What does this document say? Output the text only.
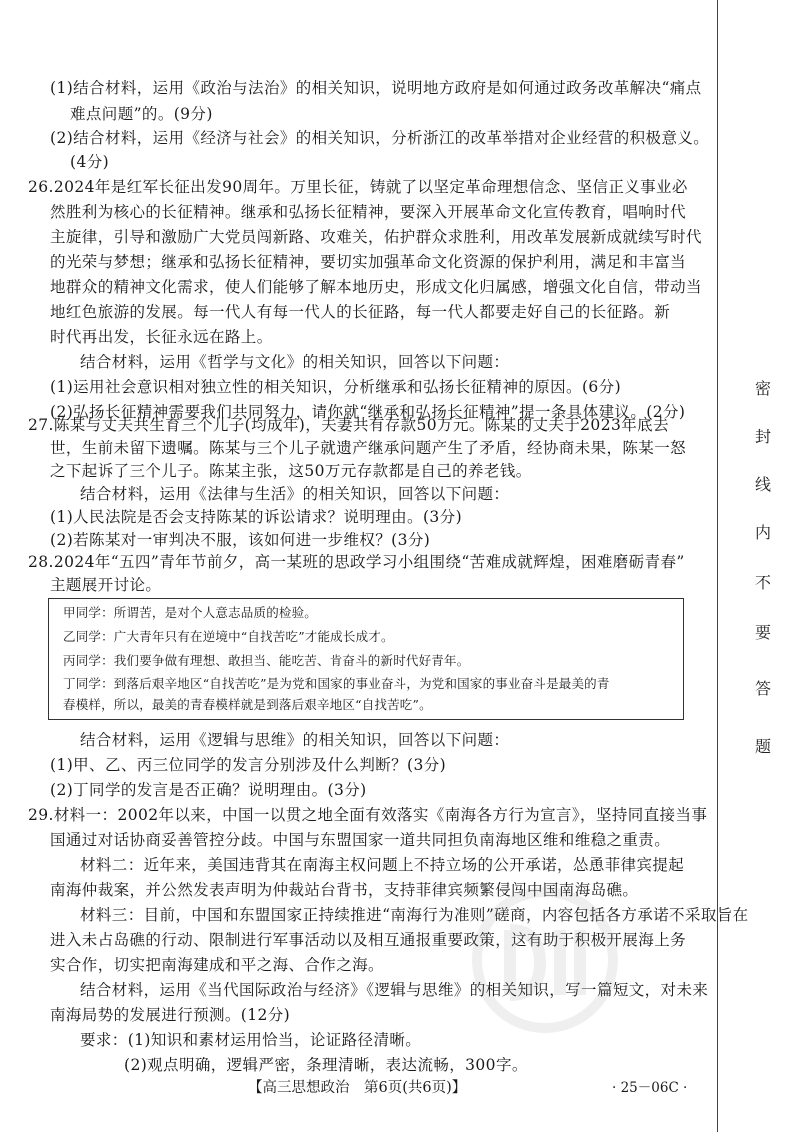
(1)结合材料，运用《政治与法治》的相关知识，说明地方政府是如何通过政务改革解决“痛点
难点问题”的。(9分)
(2)结合材料，运用《经济与社会》的相关知识，分析浙江的改革举措对企业经营的积极意义。
(4分)
26.2024年是红军长征出发90周年。万里长征，铸就了以坚定革命理想信念、坚信正义事业必
然胜利为核心的长征精神。继承和弘扬长征精神，要深入开展革命文化宣传教育，唱响时代
主旋律，引导和激励广大党员闯新路、攻难关，佑护群众求胜利，用改革发展新成就续写时代
的光荣与梦想；继承和弘扬长征精神，要切实加强革命文化资源的保护利用，满足和丰富当
地群众的精神文化需求，使人们能够了解本地历史，形成文化归属感，增强文化自信，带动当
地红色旅游的发展。每一代人有每一代人的长征路，每一代人都要走好自己的长征路。新
时代再出发，长征永远在路上。
结合材料，运用《哲学与文化》的相关知识，回答以下问题：
(1)运用社会意识相对独立性的相关知识，分析继承和弘扬长征精神的原因。(6分)
(2)弘扬长征精神需要我们共同努力，请你就“继承和弘扬长征精神”提一条具体建议。(2分)
27.陈某与丈夫共生育三个儿子(均成年)，夫妻共有存款50万元。陈某的丈夫于2023年底去
世，生前未留下遗嘱。陈某与三个儿子就遗产继承问题产生了矛盾，经协商未果，陈某一怒
之下起诉了三个儿子。陈某主张，这50万元存款都是自己的养老钱。
结合材料，运用《法律与生活》的相关知识，回答以下问题：
(1)人民法院是否会支持陈某的诉讼请求？说明理由。(3分)
(2)若陈某对一审判决不服，该如何进一步维权？(3分)
28.2024年“五四”青年节前夕，高一某班的思政学习小组围绕“苦难成就辉煌，困难磨砺青春”
甲同学：所谓苦，是对个人意志品质的检验。
乙同学：广大青年只有在逆境中“自找苦吃”才能成长成才。
丙同学：我们要争做有理想、敢担当、能吃苦、肯奋斗的新时代好青年。
丁同学：到落后艰辛地区“自找苦吃”是为党和国家的事业奋斗，为党和国家的事业奋斗是最美的青
春模样，所以，最美的青春模样就是到落后艰辛地区“自找苦吃”。
结合材料，运用《逻辑与思维》的相关知识，回答以下问题：
(1)甲、乙、丙三位同学的发言分别涉及什么判断？(3分)
(2)丁同学的发言是否正确？说明理由。(3分)
29.材料一：2002年以来，中国一以贯之地全面有效落实《南海各方行为宣言》，坚持同直接当事
国通过对话协商妥善管控分歧。中国与东盟国家一道共同担负南海地区维和维稳之重责。
材料二：近年来，美国违背其在南海主权问题上不持立场的公开承诺，怂恿菲律宾提起
南海仲裁案，并公然发表声明为仲裁站台背书，支持菲律宾频繁侵闯中国南海岛礁。
材料三：目前，中国和东盟国家正持续推进“南海行为准则”磋商，内容包括各方承诺不采取旨在
进入未占岛礁的行动、限制进行军事活动以及相互通报重要政策，这有助于积极开展海上务
实合作，切实把南海建成和平之海、合作之海。
结合材料，运用《当代国际政治与经济》《逻辑与思维》的相关知识，写一篇短文，对未来
南海局势的发展进行预测。(12分)
要求：(1)知识和素材运用恰当，论证路径清晰。
(2)观点明确，逻辑严密，条理清晰，表达流畅，300字。
【高三思想政治　第6页(共6页)】	· 25－06C ·
密
封
线
内
不
要
答
题
主题展开讨论。
